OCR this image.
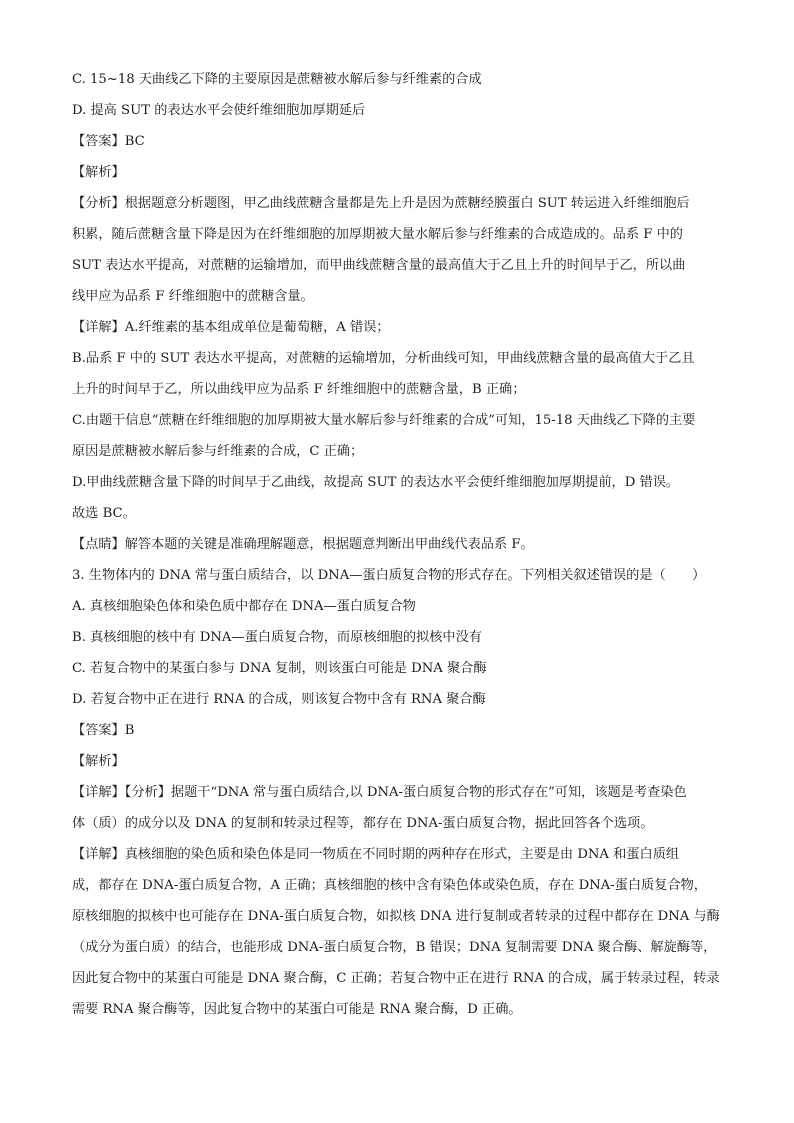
C. 15~18 天曲线乙下降的主要原因是蔗糖被水解后参与纤维素的合成
D. 提高 SUT 的表达水平会使纤维细胞加厚期延后
【答案】BC
【解析】
【分析】根据题意分析题图，甲乙曲线蔗糖含量都是先上升是因为蔗糖经膜蛋白 SUT 转运进入纤维细胞后
积累，随后蔗糖含量下降是因为在纤维细胞的加厚期被大量水解后参与纤维素的合成造成的。品系 F 中的
SUT 表达水平提高，对蔗糖的运输增加，而甲曲线蔗糖含量的最高值大于乙且上升的时间早于乙，所以曲
线甲应为品系 F 纤维细胞中的蔗糖含量。
【详解】A.纤维素的基本组成单位是葡萄糖，A 错误；
B.品系 F 中的 SUT 表达水平提高，对蔗糖的运输增加，分析曲线可知，甲曲线蔗糖含量的最高值大于乙且
上升的时间早于乙，所以曲线甲应为品系 F 纤维细胞中的蔗糖含量，B 正确；
C.由题干信息“蔗糖在纤维细胞的加厚期被大量水解后参与纤维素的合成”可知，15-18 天曲线乙下降的主要
原因是蔗糖被水解后参与纤维素的合成，C 正确；
D.甲曲线蔗糖含量下降的时间早于乙曲线，故提高 SUT 的表达水平会使纤维细胞加厚期提前，D 错误。
故选 BC。
【点睛】解答本题的关键是准确理解题意，根据题意判断出甲曲线代表品系 F。
3. 生物体内的 DNA 常与蛋白质结合，以 DNA—蛋白质复合物的形式存在。下列相关叙述错误的是（　　）
A. 真核细胞染色体和染色质中都存在 DNA—蛋白质复合物
B. 真核细胞的核中有 DNA—蛋白质复合物，而原核细胞的拟核中没有
C. 若复合物中的某蛋白参与 DNA 复制，则该蛋白可能是 DNA 聚合酶
D. 若复合物中正在进行 RNA 的合成，则该复合物中含有 RNA 聚合酶
【答案】B
【解析】
【详解】【分析】据题干“DNA 常与蛋白质结合,以 DNA-蛋白质复合物的形式存在”可知，该题是考查染色
体（质）的成分以及 DNA 的复制和转录过程等，都存在 DNA-蛋白质复合物，据此回答各个选项。
【详解】真核细胞的染色质和染色体是同一物质在不同时期的两种存在形式，主要是由 DNA 和蛋白质组
成，都存在 DNA-蛋白质复合物，A 正确；真核细胞的核中含有染色体或染色质，存在 DNA-蛋白质复合物，
原核细胞的拟核中也可能存在 DNA-蛋白质复合物，如拟核 DNA 进行复制或者转录的过程中都存在 DNA 与酶
（成分为蛋白质）的结合，也能形成 DNA-蛋白质复合物，B 错误；DNA 复制需要 DNA 聚合酶、解旋酶等，
因此复合物中的某蛋白可能是 DNA 聚合酶，C 正确；若复合物中正在进行 RNA 的合成，属于转录过程，转录
需要 RNA 聚合酶等，因此复合物中的某蛋白可能是 RNA 聚合酶，D 正确。
